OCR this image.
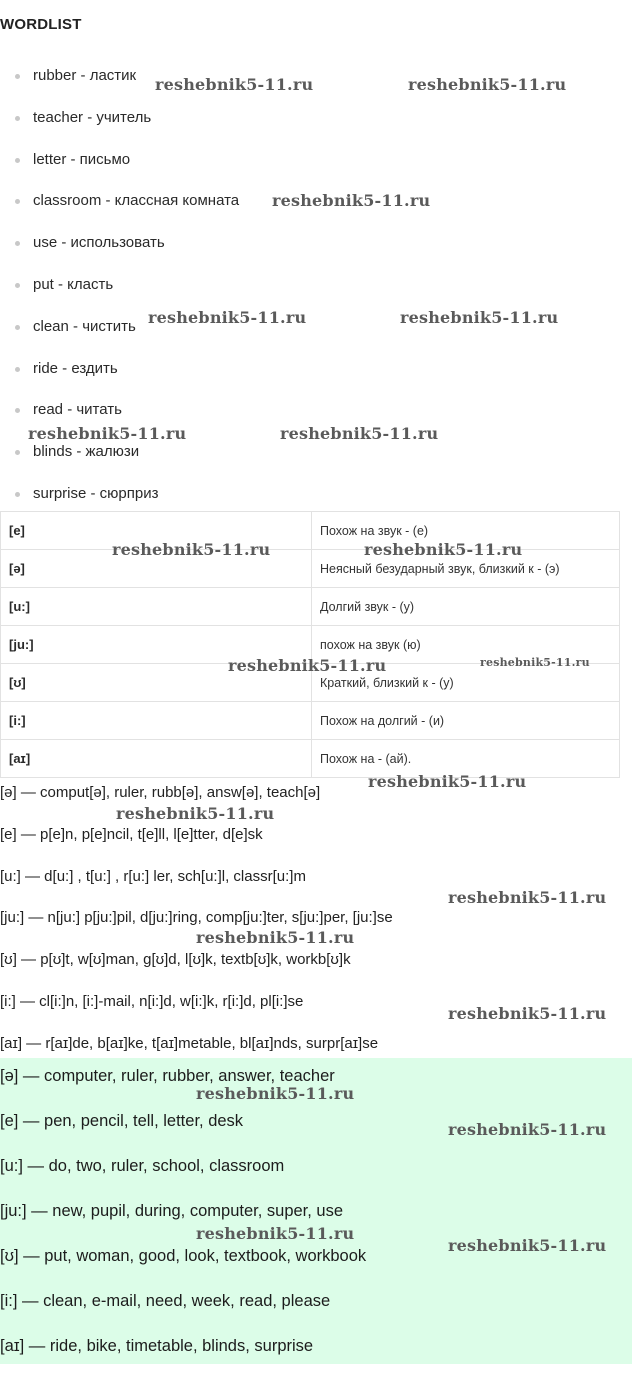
WORDLIST
rubber - ластик
teacher - учитель
letter - письмо
classroom - классная комната
use - использовать
put - класть
clean - чистить
ride - ездить
read - читать
blinds - жалюзи
surprise - сюрприз
[e]	Похож на звук - (е)
[ə]	Неясный безударный звук, близкий к - (э)
[u:]	Долгий звук - (у)
[ju:]	похож на звук (ю)
[ʊ]	Краткий, близкий к - (у)
[i:]	Похож на долгий - (и)
[aɪ]	Похож на - (ай).
[ə] — comput[ə], ruler, rubb[ə], answ[ə], teach[ə]
[e] — p[e]n, p[e]ncil, t[e]ll, l[e]tter, d[e]sk
[u:] — d[u:] , t[u:] , r[u:] ler, sch[u:]l, classr[u:]m
[ju:] — n[ju:] p[ju:]pil, d[ju:]ring, comp[ju:]ter, s[ju:]per, [ju:]se
[ʊ] — p[ʊ]t, w[ʊ]man, g[ʊ]d, l[ʊ]k, textb[ʊ]k, workb[ʊ]k
[i:] — cl[i:]n, [i:]-mail, n[i:]d, w[i:]k, r[i:]d, pl[i:]se
[aɪ] — r[aɪ]de, b[aɪ]ke, t[aɪ]metable, bl[aɪ]nds, surpr[aɪ]se
[ə] — computer, ruler, rubber, answer, teacher
[e] — pen, pencil, tell, letter, desk
[u:] — do, two, ruler, school, classroom
[ju:] — new, pupil, during, computer, super, use
[ʊ] — put, woman, good, look, textbook, workbook
[i:] — clean, e-mail, need, week, read, please
[aɪ] — ride, bike, timetable, blinds, surprise
reshebnik5-11.ru	reshebnik5-11.ru
reshebnik5-11.ru
reshebnik5-11.ru	reshebnik5-11.ru
reshebnik5-11.ru	reshebnik5-11.ru
reshebnik5-11.ru	reshebnik5-11.ru
reshebnik5-11.ru	reshebnik5-11.ru
reshebnik5-11.ru
reshebnik5-11.ru
reshebnik5-11.ru
reshebnik5-11.ru
reshebnik5-11.ru
reshebnik5-11.ru
reshebnik5-11.ru
reshebnik5-11.ru
reshebnik5-11.ru
